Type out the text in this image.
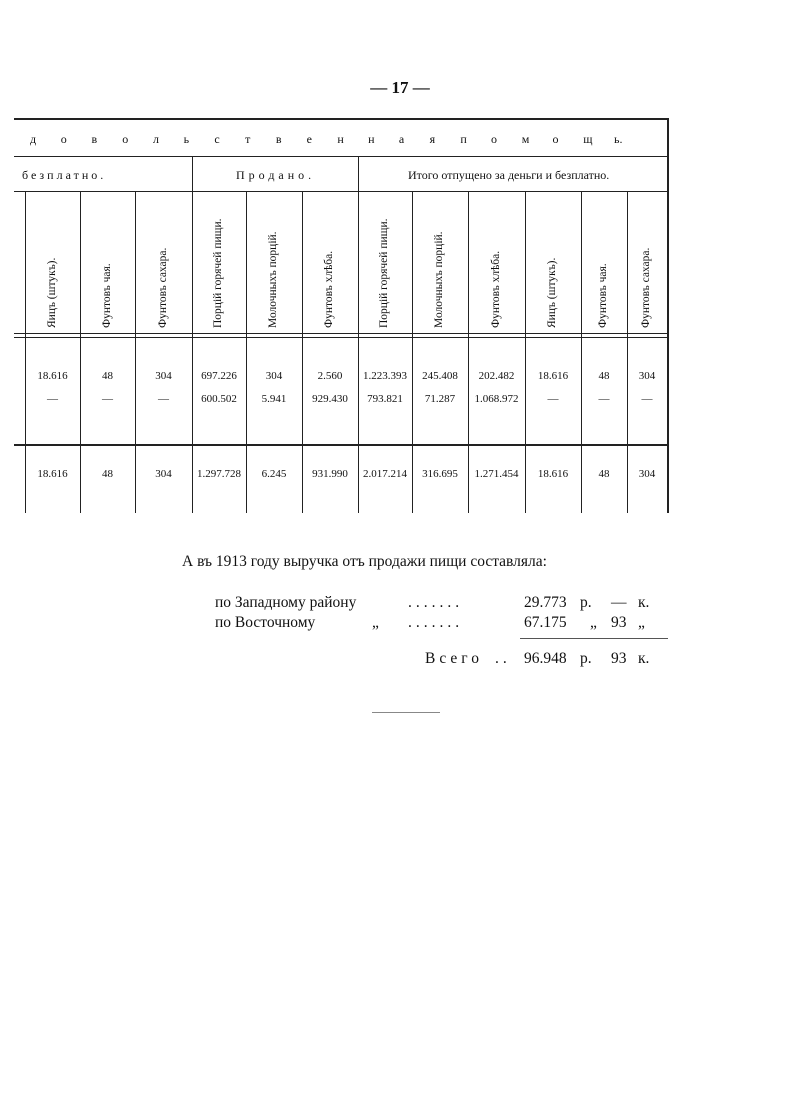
— 17 —
д о в о л ь с т в е н н а я п о м о щ ь.
безплатно.	Продано.	Итого отпущено за деньги и безплатно.
Яицъ (штукъ).	Фунтовъ чая.	Фунтовъ сахара.	Порцій горячей пищи.	Молочныхъ порцій.	Фунтовъ хлѣба.	Порцій горячей пищи.	Молочныхъ порцій.	Фунтовъ хлѣба.	Яицъ (штукъ).	Фунтовъ чая.	Фунтовъ сахара.
18.616	48	304	697.226	304	2.560	1.223.393	245.408	202.482	18.616	48	304
—	—	—	600.502	5.941	929.430	793.821	71.287	1.068.972	—	—	—
18.616	48	304	1.297.728	6.245	931.990	2.017.214	316.695	1.271.454	18.616	48	304
А въ 1913 году выручка отъ продажи пищи составляла:
по Западному району	.......	29.773 р. — к.
по Восточному	„ .......	67.175 „ 93 „
Всего .. 96.948 р. 93 к.
